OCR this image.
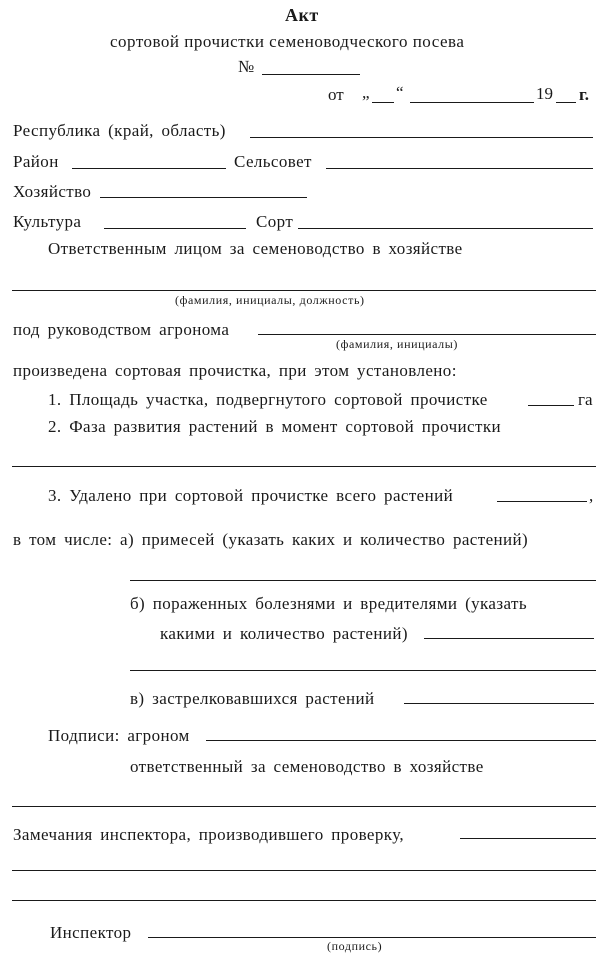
Акт
сортовой прочистки семеноводческого посева
№
от „ “	19 г.
Республика (край, область)
Район	Сельсовет
Хозяйство
Культура	Сорт
Ответственным лицом за семеноводство в хозяйстве
(фамилия, инициалы, должность)
под руководством агронома
(фамилия, инициалы)
произведена сортовая прочистка, при этом установлено:
1. Площадь участка, подвергнутого сортовой прочистке	га
2. Фаза развития растений в момент сортовой прочистки
3. Удалено при сортовой прочистке всего растений	,
в том числе: а) примесей (указать каких и количество растений)
б) пораженных болезнями и вредителями (указать
какими и количество растений)
в) застрелковавшихся растений
Подписи: агроном
ответственный за семеноводство в хозяйстве
Замечания инспектора, производившего проверку,
Инспектор
(подпись)
